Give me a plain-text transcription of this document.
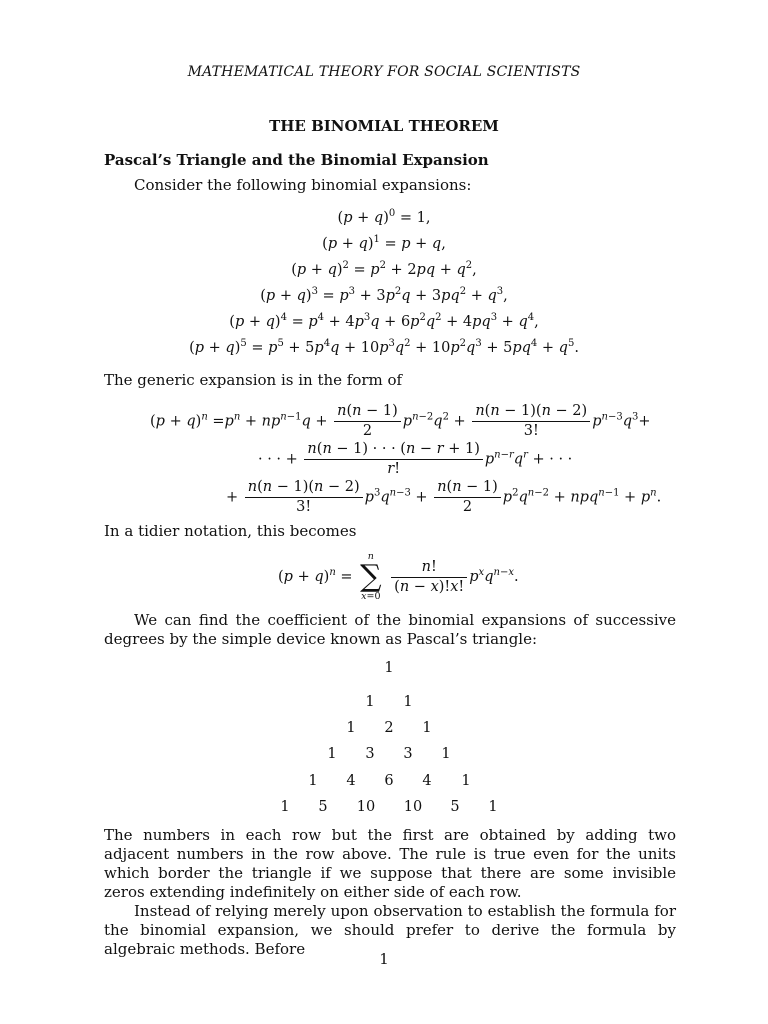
MATHEMATICAL THEORY FOR SOCIAL SCIENTISTS
THE BINOMIAL THEOREM
Pascal’s Triangle and the Binomial Expansion
Consider the following binomial expansions:
$(p + q)^0 = 1$,
$(p + q)^1 = p + q$,
$(p + q)^2 = p^2 + 2pq + q^2$,
$(p + q)^3 = p^3 + 3p^2q + 3pq^2 + q^3$,
$(p + q)^4 = p^4 + 4p^3q + 6p^2q^2 + 4pq^3 + q^4$,
$(p + q)^5 = p^5 + 5p^4q + 10p^3q^2 + 10p^2q^3 + 5pq^4 + q^5$.
The generic expansion is in the form of
$(p + q)^n =p^n + np^{n-1}q + \frac{n(n - 1)}{2} p^{n-2}q^2 + \frac{n(n - 1)(n - 2)}{3!} p^{n-3}q^3+$
· · · + $\frac{n(n - 1) \cdot \cdot \cdot (n - r + 1)}{r!} p^{n-r}q^r$ + · · ·
+ $\frac{n(n - 1)(n - 2)}{3!} p^3q^{n-3} + \frac{n(n - 1)}{2} p^2q^{n-2} + npq^{n-1} + p^n$.
In a tidier notation, this becomes
$(p + q)^n$ =
n
∑
x=0
$\frac{n!}{(n - x)!x!} p^xq^{n-x}$.
We can find the coefficient of the binomial expansions of successive degrees by the simple device known as Pascal’s triangle:
1
1 1
1 2 1
1 3 3 1
1 4 6 4 1
1 5 10 10 5 1
The numbers in each row but the first are obtained by adding two adjacent numbers in the row above. The rule is true even for the units which border the triangle if we suppose that there are some invisible zeros extending indefinitely on either side of each row.
Instead of relying merely upon observation to establish the formula for the binomial expansion, we should prefer to derive the formula by algebraic methods. Before
1
